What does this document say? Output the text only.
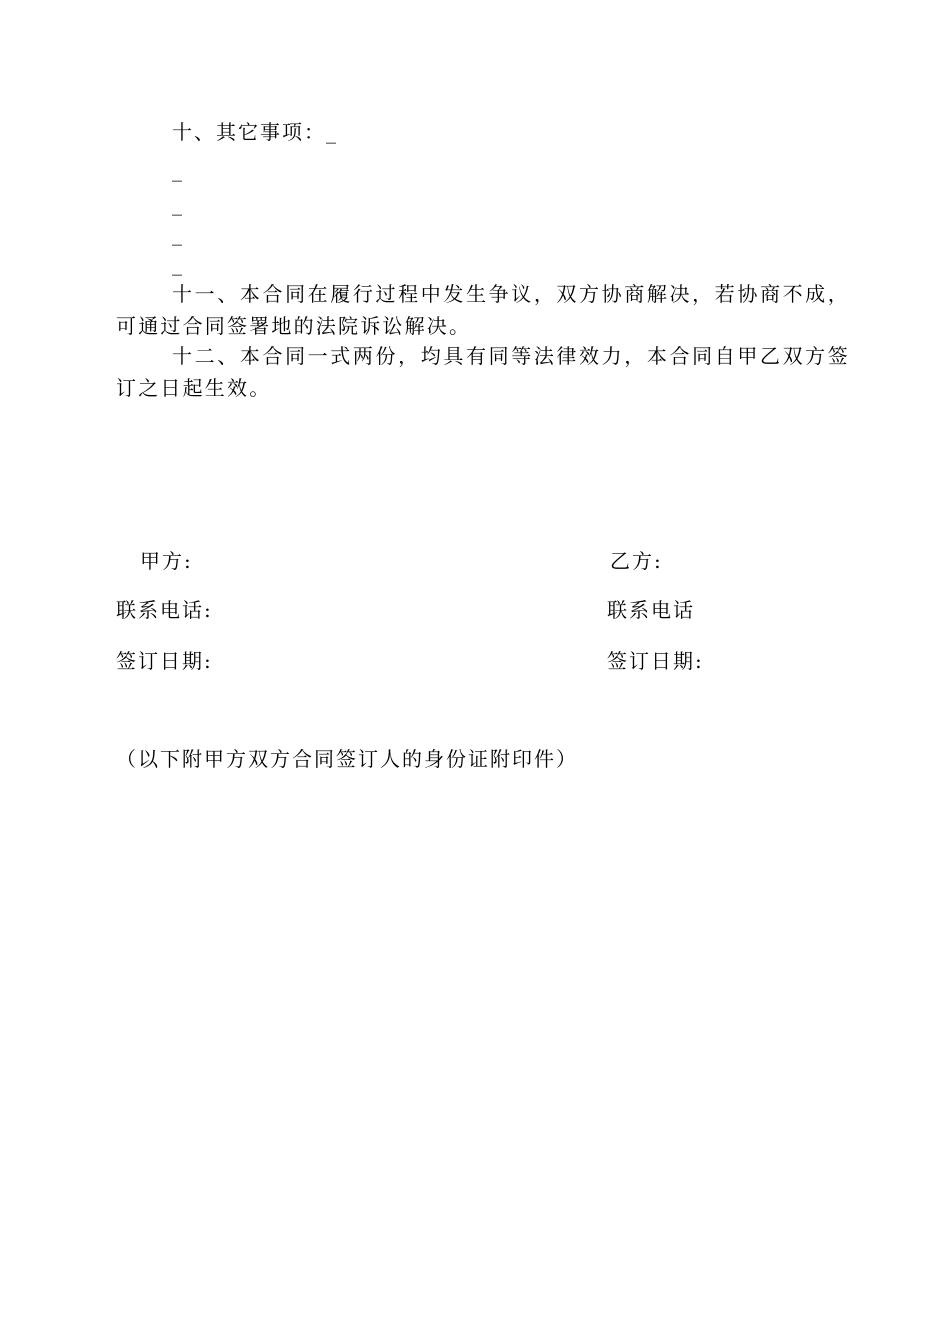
十、其它事项：_
_
_
_
_
十一、本合同在履行过程中发生争议，双方协商解决，若协商不成，可通过合同签署地的法院诉讼解决。
十二、本合同一式两份，均具有同等法律效力，本合同自甲乙双方签订之日起生效。
甲方:	乙方:
联系电话:	联系电话
签订日期:	签订日期:
（以下附甲方双方合同签订人的身份证附印件）
